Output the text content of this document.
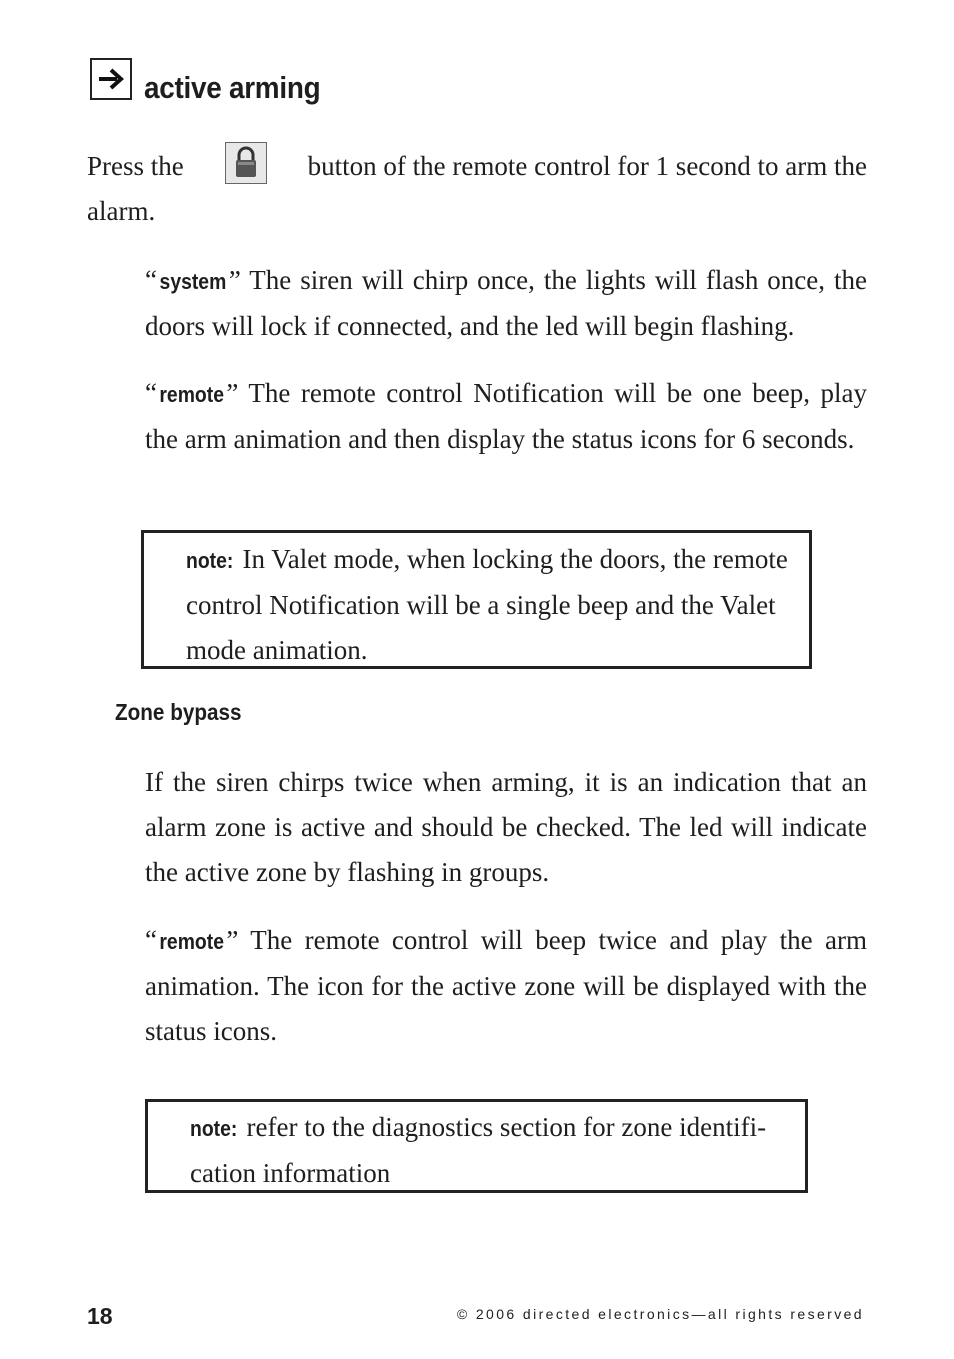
active arming
Press the	button of the remote control for 1 second to arm the
alarm.
“ system” The siren will chirp once, the lights will flash once, the doors will lock if connected, and the led will begin flashing.
“ remote” The remote control Notification will be one beep, play the arm animation and then display the status icons for 6 seconds.
note: In Valet mode, when locking the doors, the remote control Notification will be a single beep and the Valet mode animation.
Zone bypass
If the siren chirps twice when arming, it is an indication that an alarm zone is active and should be checked. The led will indicate the active zone by flashing in groups.
“ remote” The remote control will beep twice and play the arm animation. The icon for the active zone will be displayed with the status icons.
note: refer to the diagnostics section for zone identifi-cation information
18	© 2006 directed electronics—all rights reserved
